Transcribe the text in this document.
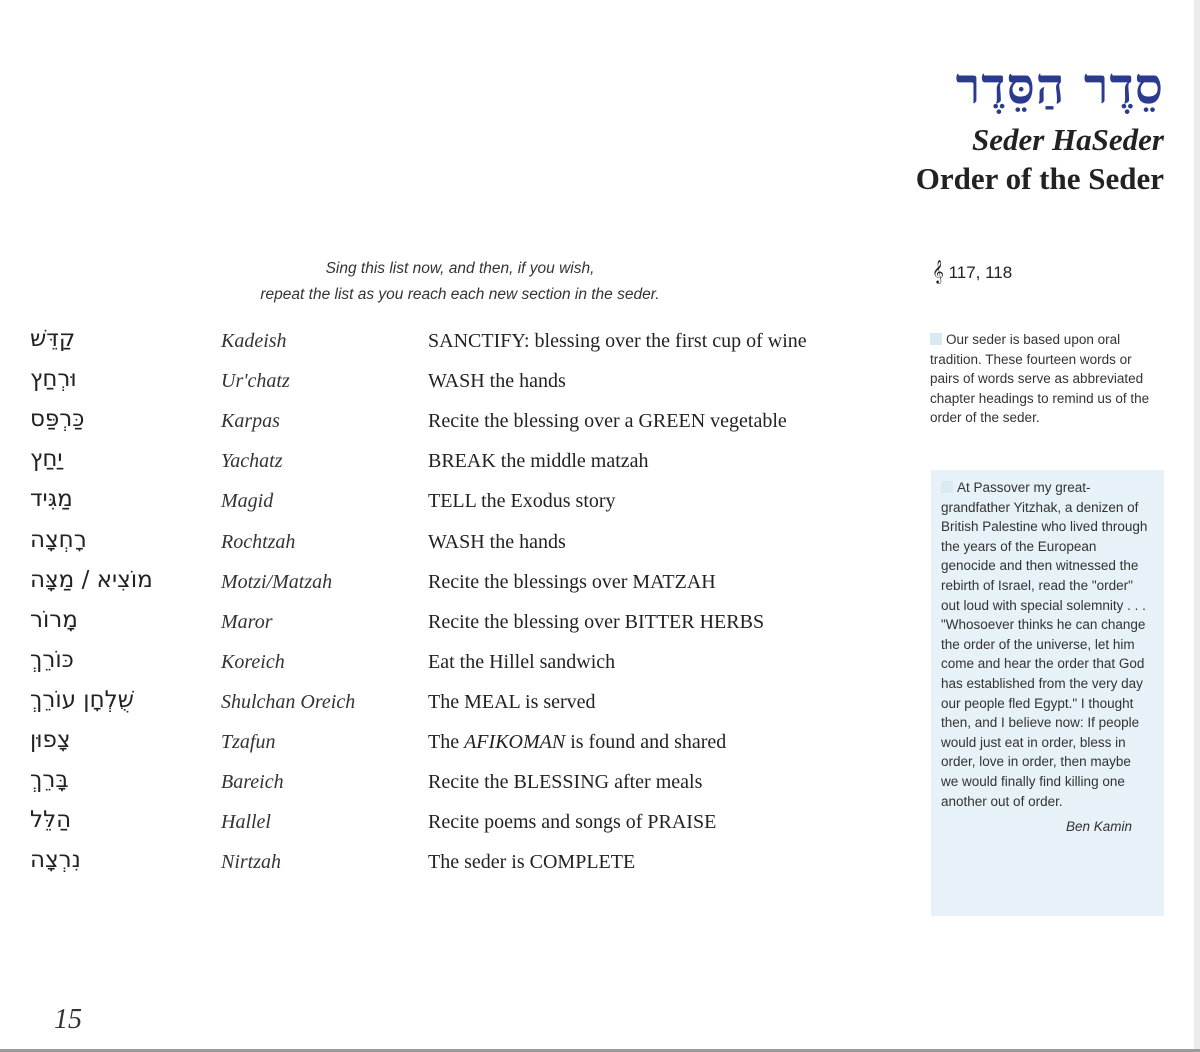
סֵדֶר הַסֵּדֶר
Seder HaSeder
Order of the Seder
Sing this list now, and then, if you wish,
repeat the list as you reach each new section in the seder.
𝄞 117, 118
קַדֵּשׁ	Kadeish	SANCTIFY: blessing over the first cup of wine
וּרְחַץ	Ur'chatz	WASH the hands
כַּרְפַּס	Karpas	Recite the blessing over a GREEN vegetable
יַחַץ	Yachatz	BREAK the middle matzah
מַגִּיד	Magid	TELL the Exodus story
רָחְצָה	Rochtzah	WASH the hands
מוֹצִיא / מַצָּה	Motzi/Matzah	Recite the blessings over MATZAH
מָרוֹר	Maror	Recite the blessing over BITTER HERBS
כּוֹרֵךְ	Koreich	Eat the Hillel sandwich
שֻׁלְחָן עוֹרֵךְ	Shulchan Oreich	The MEAL is served
צָפוּן	Tzafun	The AFIKOMAN is found and shared
בָּרֵךְ	Bareich	Recite the BLESSING after meals
הַלֵּל	Hallel	Recite poems and songs of PRAISE
נִרְצָה	Nirtzah	The seder is COMPLETE
Our seder is based upon oral tradition. These fourteen words or pairs of words serve as abbreviated chapter headings to remind us of the order of the seder.
At Passover my great-grandfather Yitzhak, a denizen of British Palestine who lived through the years of the European genocide and then witnessed the rebirth of Israel, read the "order" out loud with special solemnity . . . "Whosoever thinks he can change the order of the universe, let him come and hear the order that God has established from the very day our people fled Egypt." I thought then, and I believe now: If people would just eat in order, bless in order, love in order, then maybe we would finally find killing one another out of order.
Ben Kamin
15
